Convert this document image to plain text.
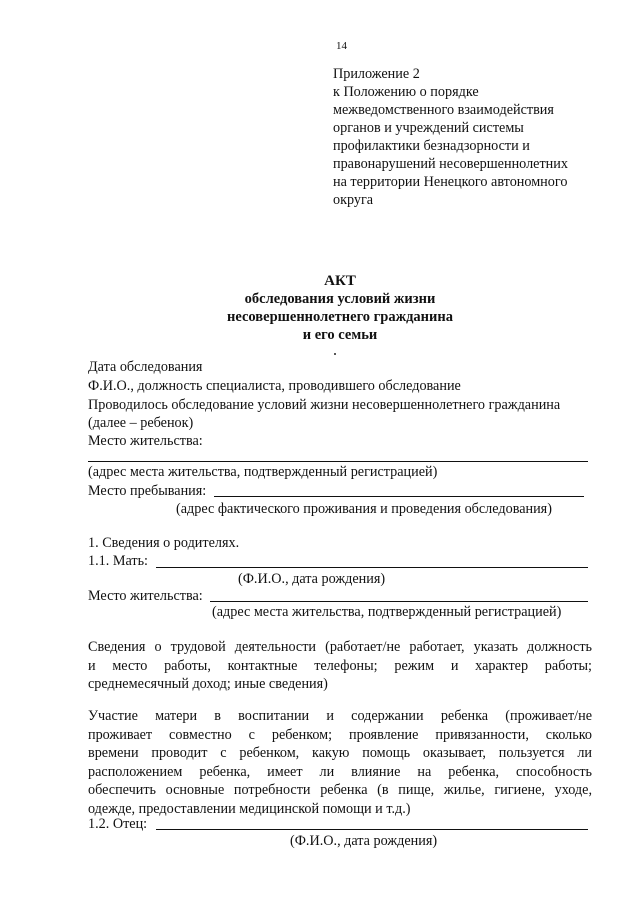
14
Приложение 2
к Положению о порядке
межведомственного взаимодействия
органов и учреждений системы
профилактики безнадзорности и
правонарушений несовершеннолетних
на территории Ненецкого автономного
округа
АКТ
обследования условий жизни
несовершеннолетнего гражданина
и его семьи
Дата обследования
Ф.И.О., должность специалиста, проводившего обследование
Проводилось обследование условий жизни несовершеннолетнего гражданина
(далее – ребенок)
Место жительства:
(адрес места жительства, подтвержденный регистрацией)
Место пребывания:
(адрес фактического проживания и проведения обследования)
1. Сведения о родителях.
1.1. Мать:
(Ф.И.О., дата рождения)
Место жительства:
(адрес места жительства, подтвержденный регистрацией)
Сведения о трудовой деятельности (работает/не работает, указать должность
и место работы, контактные телефоны; режим и характер работы;
среднемесячный доход; иные сведения)
Участие матери в воспитании и содержании ребенка (проживает/не
проживает совместно с ребенком; проявление привязанности, сколько
времени проводит с ребенком, какую помощь оказывает, пользуется ли
расположением ребенка, имеет ли влияние на ребенка, способность
обеспечить основные потребности ребенка (в пище, жилье, гигиене, уходе,
одежде, предоставлении медицинской помощи и т.д.)
1.2. Отец:
(Ф.И.О., дата рождения)
